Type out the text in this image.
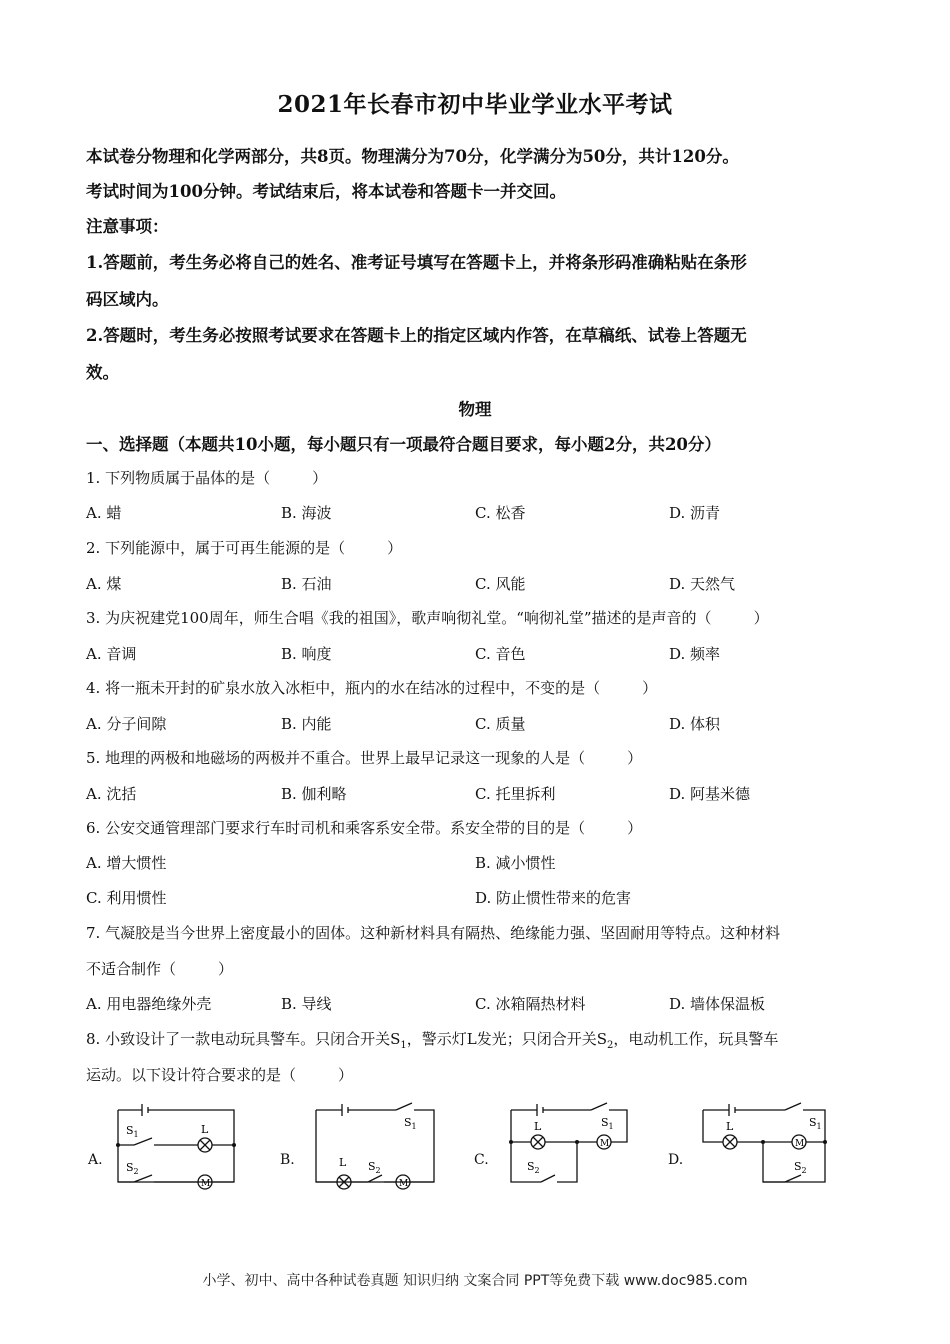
2021年长春市初中毕业学业水平考试
本试卷分物理和化学两部分，共8页。物理满分为70分，化学满分为50分，共计120分。
考试时间为100分钟。考试结束后，将本试卷和答题卡一并交回。
注意事项：
1.答题前，考生务必将自己的姓名、准考证号填写在答题卡上，并将条形码准确粘贴在条形
码区域内。
2.答题时，考生务必按照考试要求在答题卡上的指定区域内作答，在草稿纸、试卷上答题无
效。
物理
一、选择题（本题共10小题，每小题只有一项最符合题目要求，每小题2分，共20分）
1. 下列物质属于晶体的是（	）
A. 蜡	B. 海波	C. 松香	D. 沥青
2. 下列能源中，属于可再生能源的是（	）
A. 煤	B. 石油	C. 风能	D. 天然气
3. 为庆祝建党100周年，师生合唱《我的祖国》，歌声响彻礼堂。“响彻礼堂”描述的是声音的（	）
A. 音调	B. 响度	C. 音色	D. 频率
4. 将一瓶未开封的矿泉水放入冰柜中，瓶内的水在结冰的过程中，不变的是（	）
A. 分子间隙	B. 内能	C. 质量	D. 体积
5. 地理的两极和地磁场的两极并不重合。世界上最早记录这一现象的人是（	）
A. 沈括	B. 伽利略	C. 托里拆利	D. 阿基米德
6. 公安交通管理部门要求行车时司机和乘客系安全带。系安全带的目的是（	）
A. 增大惯性	B. 减小惯性
C. 利用惯性	D. 防止惯性带来的危害
7. 气凝胶是当今世界上密度最小的固体。这种新材料具有隔热、绝缘能力强、坚固耐用等特点。这种材料
不适合制作（	）
A. 用电器绝缘外壳	B. 导线	C. 冰箱隔热材料	D. 墙体保温板
8. 小致设计了一款电动玩具警车。只闭合开关$S_1$，警示灯L发光；只闭合开关$S_2$，电动机工作，玩具警车
运动。以下设计符合要求的是（	）
A.	B.	C.	D.
$S_1$	L
$S_2$
M
$S_1$
L $S_2$
M
L	$S_1$
$S_2$
M
L	$S_1$
$S_2$
M
小学、初中、高中各种试卷真题 知识归纳 文案合同 PPT等免费下载 www.doc985.com
